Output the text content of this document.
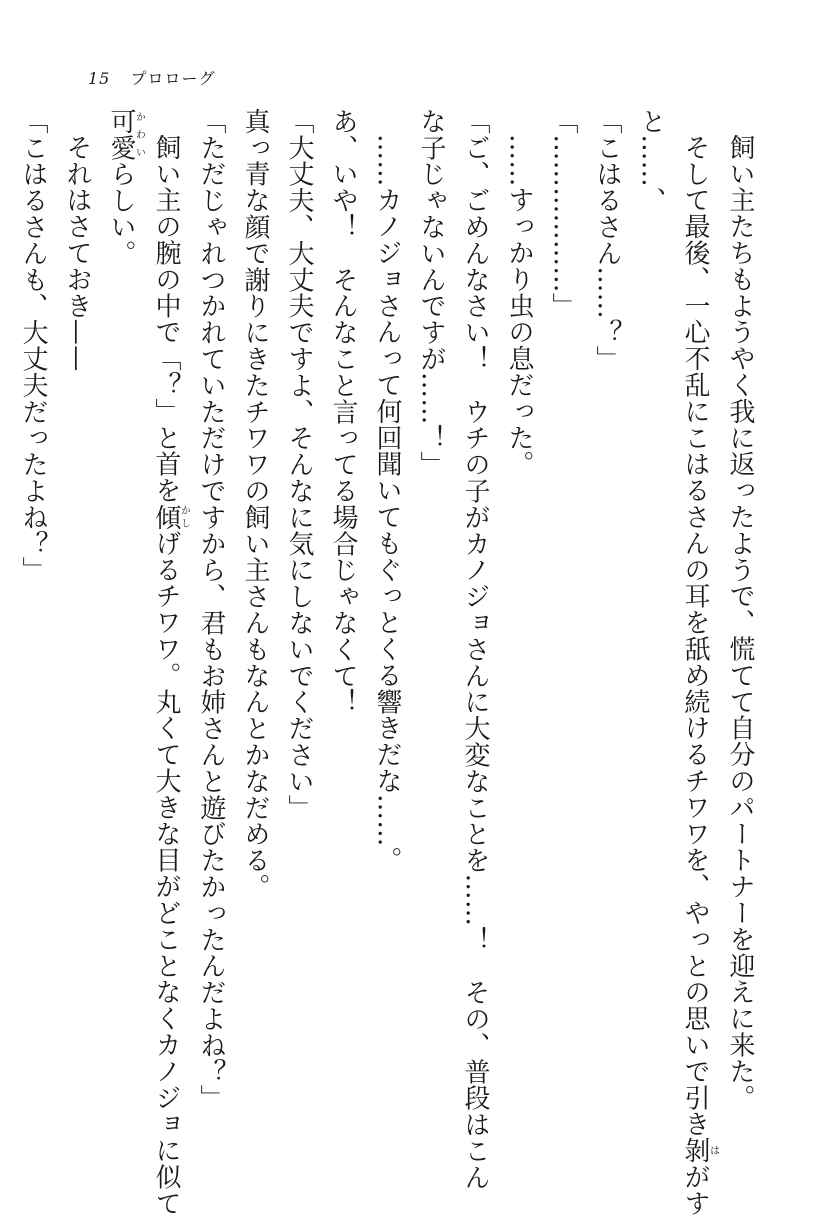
15 プロローグ
飼い主たちもようやく我に返ったようで、慌てて自分のパートナーを迎えに来た。
そして最後、一心不乱にこはるさんの耳を舐め続けるチワワを、やっとの思いで引き剝はがす
と……、
「こはるさん……？」
「………………」
……すっかり虫の息だった。
「ご、ごめんなさい！　ウチの子がカノジョさんに大変なことを……！　その、普段はこん
な子じゃないんですが……！」
……カノジョさんって何回聞いてもぐっとくる響きだな……。
あ、いや！　そんなこと言ってる場合じゃなくて！
「大丈夫、大丈夫ですよ、そんなに気にしないでください」
真っ青な顔で謝りにきたチワワの飼い主さんもなんとかなだめる。
「ただじゃれつかれていただけですから、君もお姉さんと遊びたかったんだよね？」
飼い主の腕の中で「？」と首を傾かしげるチワワ。丸くて大きな目がどことなくカノジョに似て
可愛かわいらしい。
それはさておき——
「こはるさんも、大丈夫だったよね？」
